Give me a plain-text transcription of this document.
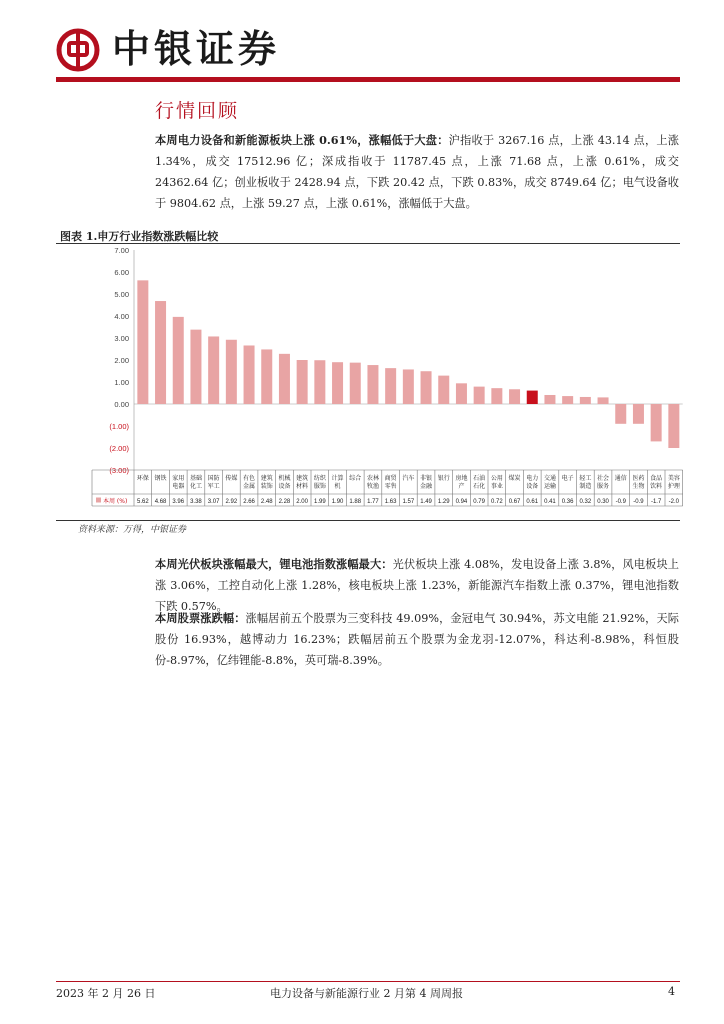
中银证券
行情回顾
本周电力设备和新能源板块上涨 0.61%，涨幅低于大盘：沪指收于 3267.16 点，上涨 43.14 点，上涨 1.34%，成交 17512.96 亿；深成指收于 11787.45 点，上涨 71.68 点，上涨 0.61%，成交 24362.64 亿；创业板收于 2428.94 点，下跌 20.42 点，下跌 0.83%，成交 8749.64 亿；电气设备收于 9804.62 点，上涨 59.27 点，上涨 0.61%，涨幅低于大盘。
图表 1.申万行业指数涨跌幅比较
7.00
6.00
5.00
4.00
3.00
2.00
1.00
0.00
(1.00)
(2.00)
(3.00)
本周 (%)
环保
5.62
钢铁
4.68
家用电器
3.96
基础化工
3.38
国防军工
3.07
传媒
2.92
有色金属
2.66
建筑装饰
2.48
机械设备
2.28
建筑材料
2.00
纺织服饰
1.99
计算机
1.90
综合
1.88
农林牧渔
1.77
商贸零售
1.63
汽车
1.57
非银金融
1.49
银行
1.29
房地产
0.94
石油石化
0.79
公用事业
0.72
煤炭
0.67
电力设备
0.61
交通运输
0.41
电子
0.36
轻工制造
0.32
社会服务
0.30
通信
-0.9
医药生物
-0.9
食品饮料
-1.7
美容护理
-2.0
资料来源：万得，中银证券
本周光伏板块涨幅最大，锂电池指数涨幅最大：光伏板块上涨 4.08%，发电设备上涨 3.8%，风电板块上涨 3.06%，工控自动化上涨 1.28%，核电板块上涨 1.23%，新能源汽车指数上涨 0.37%，锂电池指数下跌 0.57%。
本周股票涨跌幅：涨幅居前五个股票为三变科技 49.09%，金冠电气 30.94%，苏文电能 21.92%，天际股份 16.93%，越博动力 16.23%；跌幅居前五个股票为金龙羽-12.07%，科达利-8.98%，科恒股份-8.97%，亿纬锂能-8.8%，英可瑞-8.39%。
2023 年 2 月 26 日	电力设备与新能源行业 2 月第 4 周周报	4
